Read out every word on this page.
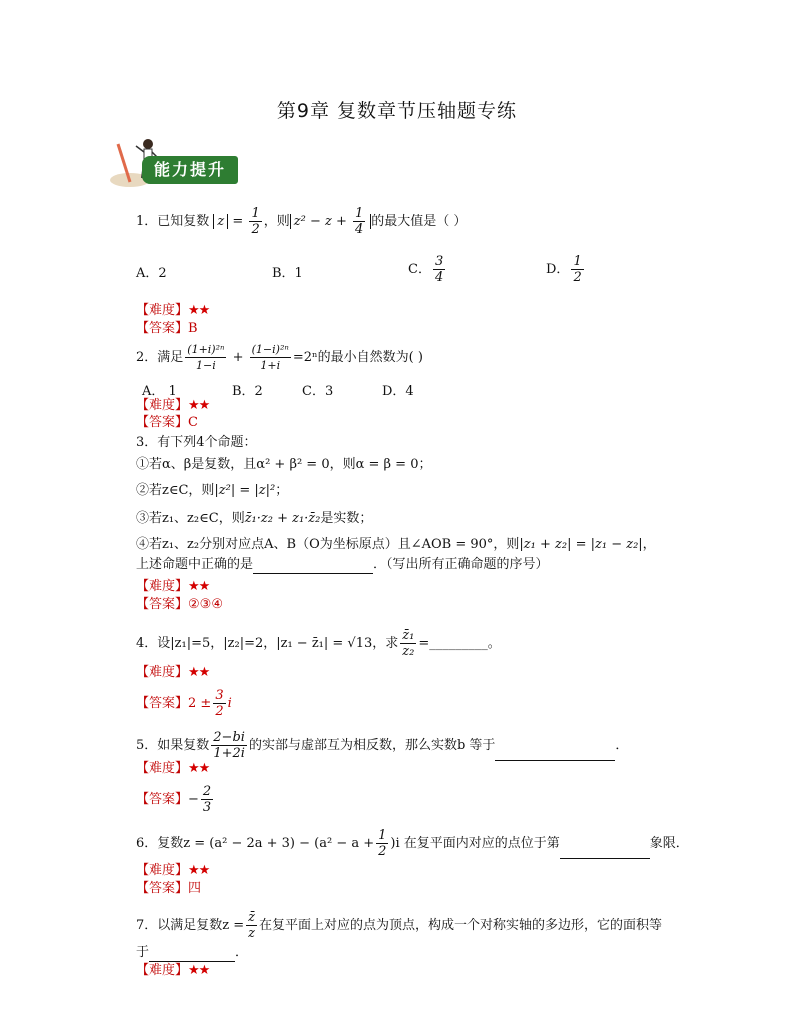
第9章 复数章节压轴题专练
能力提升
1．已知复数 $z = \frac{1}{2}$ ，则 $z^2 - z + \frac{1}{4}$ 的最大值是（ ）
A．2	B．1	C． $\frac{3}{4}$	D． $\frac{1}{2}$
【难度】★★
【答案】B
2．满足 $\frac{\text{(1+i)²ⁿ}}{1-i} + \frac{\text{(1−i)²ⁿ}}{1+i} =2^n$的最小自然数为( )
A． 1	B．2	C．3	D．4
【难度】★★
【答案】C
3．有下列4个命题：
①若α、β是复数，且α² + β² = 0，则α = β = 0；
②若z∈C，则|z²| = |z|²；
③若z₁、z₂∈C，则z̄₁·z₂ + z₁·z̄₂是实数；
④若z₁、z₂分别对应点A、B（O为坐标原点）且∠AOB = 90°，则|z₁ + z₂| = |z₁ − z₂|，
上述命题中正确的是	．（写出所有正确命题的序号）
【难度】★★
【答案】②③④
4．设|z₁|=5，|z₂|=2，|z₁ − z̄₁| = √13，求 $\frac{\text{z̄₁}}{\text{z₂}}$ =_________。
【难度】★★
【答案】$2 \pm \frac{3}{2}$ i
5．如果复数 $\frac{2-bi}{1+2i}$ 的实部与虚部互为相反数，那么实数b 等于	．
【难度】★★
【答案】− $\frac{2}{3}$
6．复数$z = (a^2 - 2a + 3) - (a^2 - a + \frac{1}{2} )i$ 在复平面内对应的点位于第	象限．
【难度】★★
【答案】四
7．以满足复数$z = \frac{z̄}{z}$ 在复平面上对应的点为顶点，构成一个对称实轴的多边形，它的面积等
于	．
【难度】★★
